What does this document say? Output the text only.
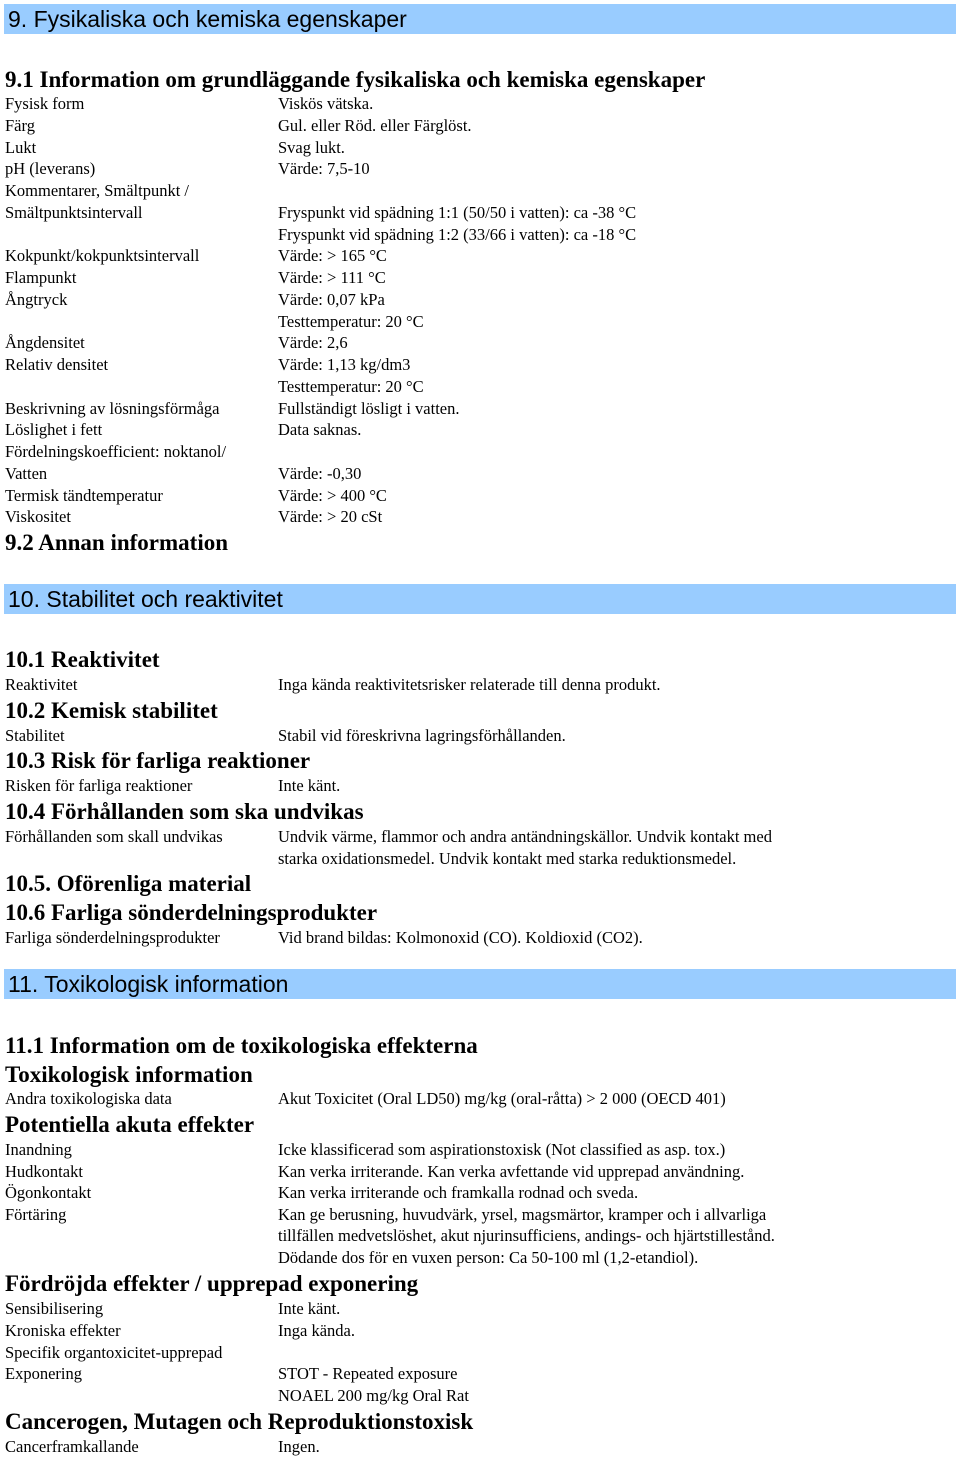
9. Fysikaliska och kemiska egenskaper
9.1 Information om grundläggande fysikaliska och kemiska egenskaper
Fysisk form	Viskös vätska.
Färg	Gul. eller Röd. eller Färglöst.
Lukt	Svag lukt.
pH (leverans)	Värde: 7,5-10
Kommentarer, Smältpunkt /
Smältpunktsintervall	Fryspunkt vid spädning 1:1 (50/50 i vatten): ca -38 °C
Fryspunkt vid spädning 1:2 (33/66 i vatten): ca -18 °C
Kokpunkt/kokpunktsintervall	Värde: > 165 °C
Flampunkt	Värde: > 111 °C
Ångtryck	Värde: 0,07 kPa
Testtemperatur: 20 °C
Ångdensitet	Värde: 2,6
Relativ densitet	Värde: 1,13 kg/dm3
Testtemperatur: 20 °C
Beskrivning av lösningsförmåga	Fullständigt lösligt i vatten.
Löslighet i fett	Data saknas.
Fördelningskoefficient: noktanol/
Vatten	Värde: -0,30
Termisk tändtemperatur	Värde: > 400 °C
Viskositet	Värde: > 20 cSt
9.2 Annan information
10. Stabilitet och reaktivitet
10.1 Reaktivitet
Reaktivitet	Inga kända reaktivitetsrisker relaterade till denna produkt.
10.2 Kemisk stabilitet
Stabilitet	Stabil vid föreskrivna lagringsförhållanden.
10.3 Risk för farliga reaktioner
Risken för farliga reaktioner	Inte känt.
10.4 Förhållanden som ska undvikas
Förhållanden som skall undvikas	Undvik värme, flammor och andra antändningskällor. Undvik kontakt med
starka oxidationsmedel. Undvik kontakt med starka reduktionsmedel.
10.5. Oförenliga material
10.6 Farliga sönderdelningsprodukter
Farliga sönderdelningsprodukter	Vid brand bildas: Kolmonoxid (CO). Koldioxid (CO2).
11. Toxikologisk information
11.1 Information om de toxikologiska effekterna
Toxikologisk information
Andra toxikologiska data	Akut Toxicitet (Oral LD50) mg/kg (oral-råtta) > 2 000 (OECD 401)
Potentiella akuta effekter
Inandning	Icke klassificerad som aspirationstoxisk (Not classified as asp. tox.)
Hudkontakt	Kan verka irriterande. Kan verka avfettande vid upprepad användning.
Ögonkontakt	Kan verka irriterande och framkalla rodnad och sveda.
Förtäring	Kan ge berusning, huvudvärk, yrsel, magsmärtor, kramper och i allvarliga
tillfällen medvetslöshet, akut njurinsufficiens, andings- och hjärtstillestånd.
Dödande dos för en vuxen person: Ca 50-100 ml (1,2-etandiol).
Fördröjda effekter / upprepad exponering
Sensibilisering	Inte känt.
Kroniska effekter	Inga kända.
Specifik organtoxicitet-upprepad
Exponering	STOT - Repeated exposure
NOAEL 200 mg/kg Oral Rat
Cancerogen, Mutagen och Reproduktionstoxisk
Cancerframkallande	Ingen.
